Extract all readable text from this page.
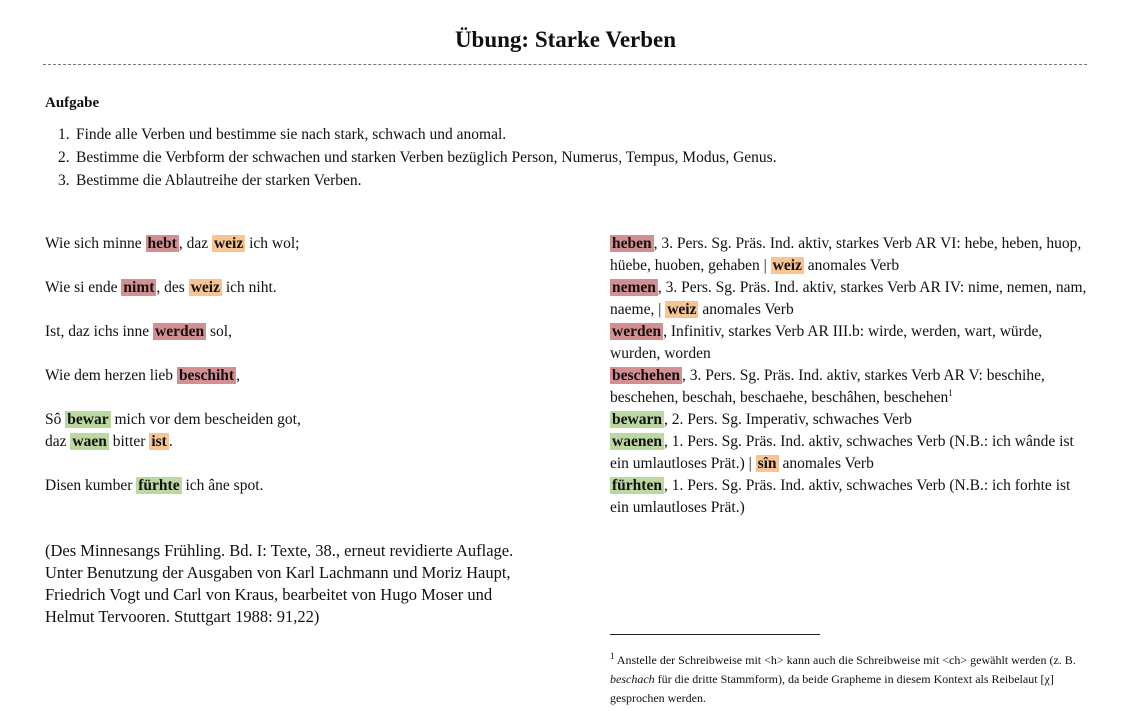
Übung: Starke Verben
Aufgabe
1. Finde alle Verben und bestimme sie nach stark, schwach und anomal.
2. Bestimme die Verbform der schwachen und starken Verben bezüglich Person, Numerus, Tempus, Modus, Genus.
3. Bestimme die Ablautreihe der starken Verben.
Wie sich minne hebt , daz weiz ich wol;
Wie si ende nimt , des weiz ich niht.
Ist, daz ichs inne werden sol,
Wie dem herzen lieb beschiht ,
Sô bewar mich vor dem bescheiden got,
daz waen bitter ist .
Disen kumber fürhte ich âne spot.
heben , 3. Pers. Sg. Präs. Ind. aktiv, starkes Verb AR VI: hebe, heben, huop, hüebe, huoben, gehaben | weiz anomales Verb
nemen , 3. Pers. Sg. Präs. Ind. aktiv, starkes Verb AR IV: nime, nemen, nam, naeme, | weiz anomales Verb
werden , Infinitiv, starkes Verb AR III.b: wirde, werden, wart, würde, wurden, worden
beschehen , 3. Pers. Sg. Präs. Ind. aktiv, starkes Verb AR V: beschihe, beschehen, beschah, beschaehe, beschâhen, beschehen$^1$
bewarn , 2. Pers. Sg. Imperativ, schwaches Verb
waenen , 1. Pers. Sg. Präs. Ind. aktiv, schwaches Verb (N.B.: ich wânde ist ein umlautloses Prät.) | sîn anomales Verb
fürhten , 1. Pers. Sg. Präs. Ind. aktiv, schwaches Verb (N.B.: ich forhte ist ein umlautloses Prät.)
(Des Minnesangs Frühling. Bd. I: Texte, 38., erneut revidierte Auflage. Unter Benutzung der Ausgaben von Karl Lachmann und Moriz Haupt, Friedrich Vogt und Carl von Kraus, bearbeitet von Hugo Moser und Helmut Tervooren. Stuttgart 1988: 91,22)
$^1$ Anstelle der Schreibweise mit <h> kann auch die Schreibweise mit <ch> gewählt werden (z. B. beschach für die dritte Stammform), da beide Grapheme in diesem Kontext als Reibelaut [χ] gesprochen werden.
